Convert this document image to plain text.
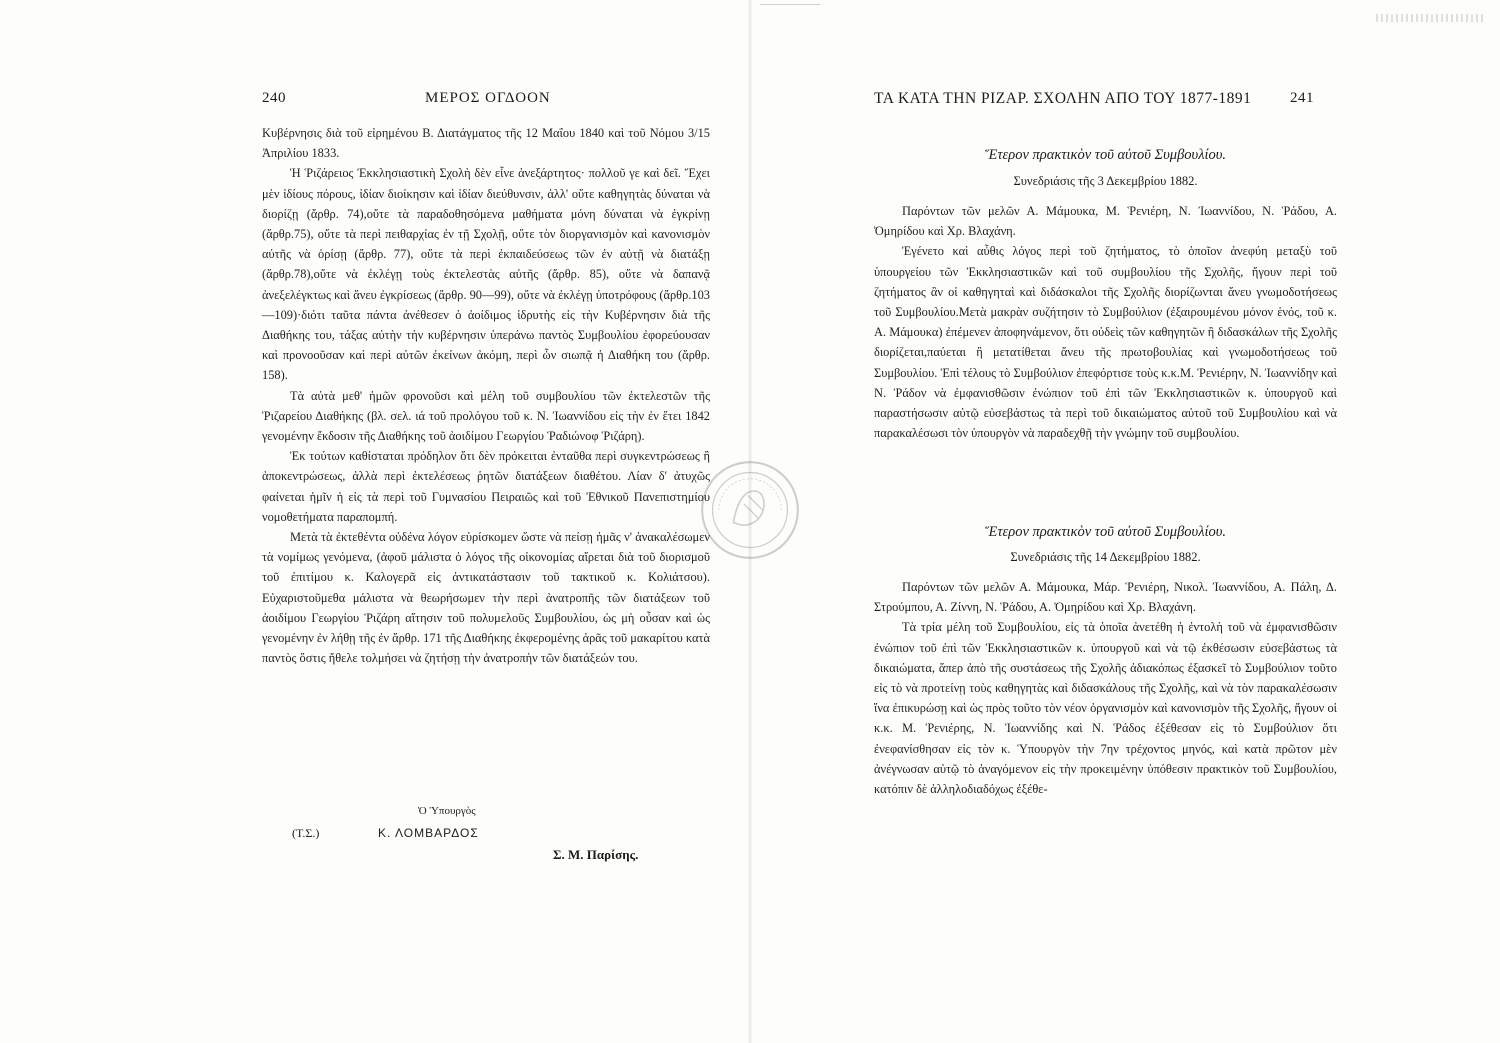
240	ΜΕΡΟΣ ΟΓΔΟΟΝ

Κυβέρνησις διὰ τοῦ εἰρημένου Β. Διατάγματος τῆς 12 Μαΐου 1840 καὶ τοῦ Νόμου 3/15 Ἀπριλίου 1833.

Ἡ Ῥιζάρειος Ἐκκλησιαστικὴ Σχολὴ δὲν εἶνε ἀνεξάρτητος· πολλοῦ γε καὶ δεῖ. Ἔχει μὲν ἰδίους πόρους, ἰδίαν διοίκησιν καὶ ἰδίαν διεύθυνσιν, ἀλλ' οὔτε καθηγητὰς δύναται νὰ διορίζῃ (ἄρθρ. 74),οὔτε τὰ παραδοθησόμενα μαθήματα μόνη δύναται νὰ ἐγκρίνῃ (ἄρθρ.75), οὔτε τὰ περὶ πειθαρχίας ἐν τῇ Σχολῇ, οὔτε τὸν διοργανισμὸν καὶ κανονισμὸν αὐτῆς νὰ ὁρίσῃ (ἄρθρ. 77), οὔτε τὰ περὶ ἐκπαιδεύσεως τῶν ἐν αὐτῇ νὰ διατάξῃ (ἄρθρ.78),οὔτε νὰ ἐκλέγῃ τοὺς ἐκτελεστὰς αὐτῆς (ἄρθρ. 85), οὔτε νὰ δαπανᾷ ἀνεξελέγκτως καὶ ἄνευ ἐγκρίσεως (ἄρθρ. 90—99), οὔτε νὰ ἐκλέγῃ ὑποτρόφους (ἄρθρ.103—109)·διότι ταῦτα πάντα ἀνέθεσεν ὁ ἀοίδιμος ἱδρυτὴς εἰς τὴν Κυβέρνησιν διὰ τῆς Διαθήκης του, τάξας αὐτὴν τὴν κυβέρνησιν ὑπεράνω παντὸς Συμβουλίου ἐφορεύουσαν καὶ προνοοῦσαν καὶ περὶ αὐτῶν ἐκείνων ἀκόμη, περὶ ὧν σιωπᾷ ἡ Διαθήκη του (ἄρθρ. 158).

Τὰ αὐτὰ μεθ' ἡμῶν φρονοῦσι καὶ μέλη τοῦ συμβουλίου τῶν ἐκτελεστῶν τῆς Ῥιζαρείου Διαθήκης (βλ. σελ. ιά τοῦ προλόγου τοῦ κ. Ν. Ἰωαννίδου εἰς τὴν ἐν ἔτει 1842 γενομένην ἔκδοσιν τῆς Διαθήκης τοῦ ἀοιδίμου Γεωργίου Ῥαδιώνοφ Ῥιζάρη).

Ἐκ τούτων καθίσταται πρόδηλον ὅτι δὲν πρόκειται ἐνταῦθα περὶ συγκεντρώσεως ἢ ἀποκεντρώσεως, ἀλλὰ περὶ ἐκτελέσεως ῥητῶν διατάξεων διαθέτου. Λίαν δ' ἀτυχῶς φαίνεται ἡμῖν ἡ εἰς τὰ περὶ τοῦ Γυμνασίου Πειραιῶς καὶ τοῦ Ἐθνικοῦ Πανεπιστημίου νομοθετήματα παραπομπή.

Μετὰ τὰ ἐκτεθέντα οὐδένα λόγον εὑρίσκομεν ὥστε νὰ πείσῃ ἡμᾶς ν' ἀνακαλέσωμεν τὰ νομίμως γενόμενα, (ἀφοῦ μάλιστα ὁ λόγος τῆς οἰκονομίας αἴρεται διὰ τοῦ διορισμοῦ τοῦ ἐπιτίμου κ. Καλογερᾶ εἰς ἀντικατάστασιν τοῦ τακτικοῦ κ. Κολιάτσου). Εὐχαριστοῦμεθα μάλιστα νὰ θεωρήσωμεν τὴν περὶ ἀνατροπῆς τῶν διατάξεων τοῦ ἀοιδίμου Γεωργίου Ῥιζάρη αἴτησιν τοῦ πολυμελοῦς Συμβουλίου, ὡς μὴ οὖσαν καὶ ὡς γενομένην ἐν λήθῃ τῆς ἐν ἄρθρ. 171 τῆς Διαθήκης ἐκφερομένης ἀρᾶς τοῦ μακαρίτου κατὰ παντὸς ὅστις ἤθελε τολμήσει νὰ ζητήσῃ τὴν ἀνατροπὴν τῶν διατάξεών του.

Ὁ Ὑπουργὸς
(Τ.Σ.)	Κ. ΛΟΜΒΑΡΔΟΣ
Σ. Μ. Παρίσης.
ΤΑ ΚΑΤΑ ΤΗΝ ΡΙΖΑΡ. ΣΧΟΛΗΝ ΑΠΟ ΤΟΥ 1877-1891	241
Ἕτερον πρακτικὸν τοῦ αὐτοῦ Συμβουλίου.
Συνεδριάσις τῆς 3 Δεκεμβρίου 1882.

Παρόντων τῶν μελῶν Α. Μάμουκα, Μ. Ῥενιέρη, Ν. Ἰωαννίδου, Ν. Ῥάδου, Α. Ὀμηρίδου καὶ Χρ. Βλαχάνη.

Ἐγένετο καὶ αὖθις λόγος περὶ τοῦ ζητήματος, τὸ ὁποῖον ἀνεφύη μεταξὺ τοῦ ὑπουργείου τῶν Ἐκκλησιαστικῶν καὶ τοῦ συμβουλίου τῆς Σχολῆς, ἤγουν περὶ τοῦ ζητήματος ἂν οἱ καθηγηταὶ καὶ διδάσκαλοι τῆς Σχολῆς διορίζωνται ἄνευ γνωμοδοτήσεως τοῦ Συμβουλίου.Μετὰ μακρὰν συζήτησιν τὸ Συμβούλιον (ἐξαιρουμένου μόνον ἑνός, τοῦ κ. Α. Μάμουκα) ἐπέμενεν ἀποφηνάμενον, ὅτι οὐδεὶς τῶν καθηγητῶν ἢ διδασκάλων τῆς Σχολῆς διορίζεται,παύεται ἢ μετατίθεται ἄνευ τῆς πρωτοβουλίας καὶ γνωμοδοτήσεως τοῦ Συμβουλίου. Ἐπὶ τέλους τὸ Συμβούλιον ἐπεφόρτισε τοὺς κ.κ.Μ. Ῥενιέρην, Ν. Ἰωαννίδην καὶ Ν. Ῥάδον νὰ ἐμφανισθῶσιν ἐνώπιον τοῦ ἐπὶ τῶν Ἐκκλησιαστικῶν κ. ὑπουργοῦ καὶ παραστήσωσιν αὐτῷ εὐσεβάστως τὰ περὶ τοῦ δικαιώματος αὐτοῦ τοῦ Συμβουλίου καὶ νὰ παρακαλέσωσι τὸν ὑπουργὸν νὰ παραδεχθῇ τὴν γνώμην τοῦ συμβουλίου.

Ἕτερον πρακτικὸν τοῦ αὐτοῦ Συμβουλίου.
Συνεδριάσις τῆς 14 Δεκεμβρίου 1882.

Παρόντων τῶν μελῶν Α. Μάμουκα, Μάρ. Ῥενιέρη, Νικολ. Ἰωαννίδου, Α. Πάλη, Δ. Στρούμπου, Α. Ζίννη, Ν. Ῥάδου, Α. Ὀμηρίδου καὶ Χρ. Βλαχάνη.

Τὰ τρία μέλη τοῦ Συμβουλίου, εἰς τὰ ὁποῖα ἀνετέθη ἡ ἐντολὴ τοῦ νὰ ἐμφανισθῶσιν ἐνώπιον τοῦ ἐπὶ τῶν Ἐκκλησιαστικῶν κ. ὑπουργοῦ καὶ νὰ τῷ ἐκθέσωσιν εὐσεβάστως τὰ δικαιώματα, ἅπερ ἀπὸ τῆς συστάσεως τῆς Σχολῆς ἀδιακόπως ἐξασκεῖ τὸ Συμβούλιον τοῦτο εἰς τὸ νὰ προτείνῃ τοὺς καθηγητὰς καὶ διδασκάλους τῆς Σχολῆς, καὶ νὰ τὸν παρακαλέσωσιν ἵνα ἐπικυρώσῃ καὶ ὡς πρὸς τοῦτο τὸν νέον ὀργανισμὸν καὶ κανονισμὸν τῆς Σχολῆς, ἤγουν οἱ κ.κ. Μ. Ῥενιέρης, Ν. Ἰωαννίδης καὶ Ν. Ῥάδος ἐξέθεσαν εἰς τὸ Συμβούλιον ὅτι ἐνεφανίσθησαν εἰς τὸν κ. Ὑπουργὸν τὴν 7ην τρέχοντος μηνός, καὶ κατὰ πρῶτον μὲν ἀνέγνωσαν αὐτῷ τὸ ἀναγόμενον εἰς τὴν προκειμένην ὑπόθεσιν πρακτικὸν τοῦ Συμβουλίου, κατόπιν δὲ ἀλληλοδιαδόχως ἐξέθε-
